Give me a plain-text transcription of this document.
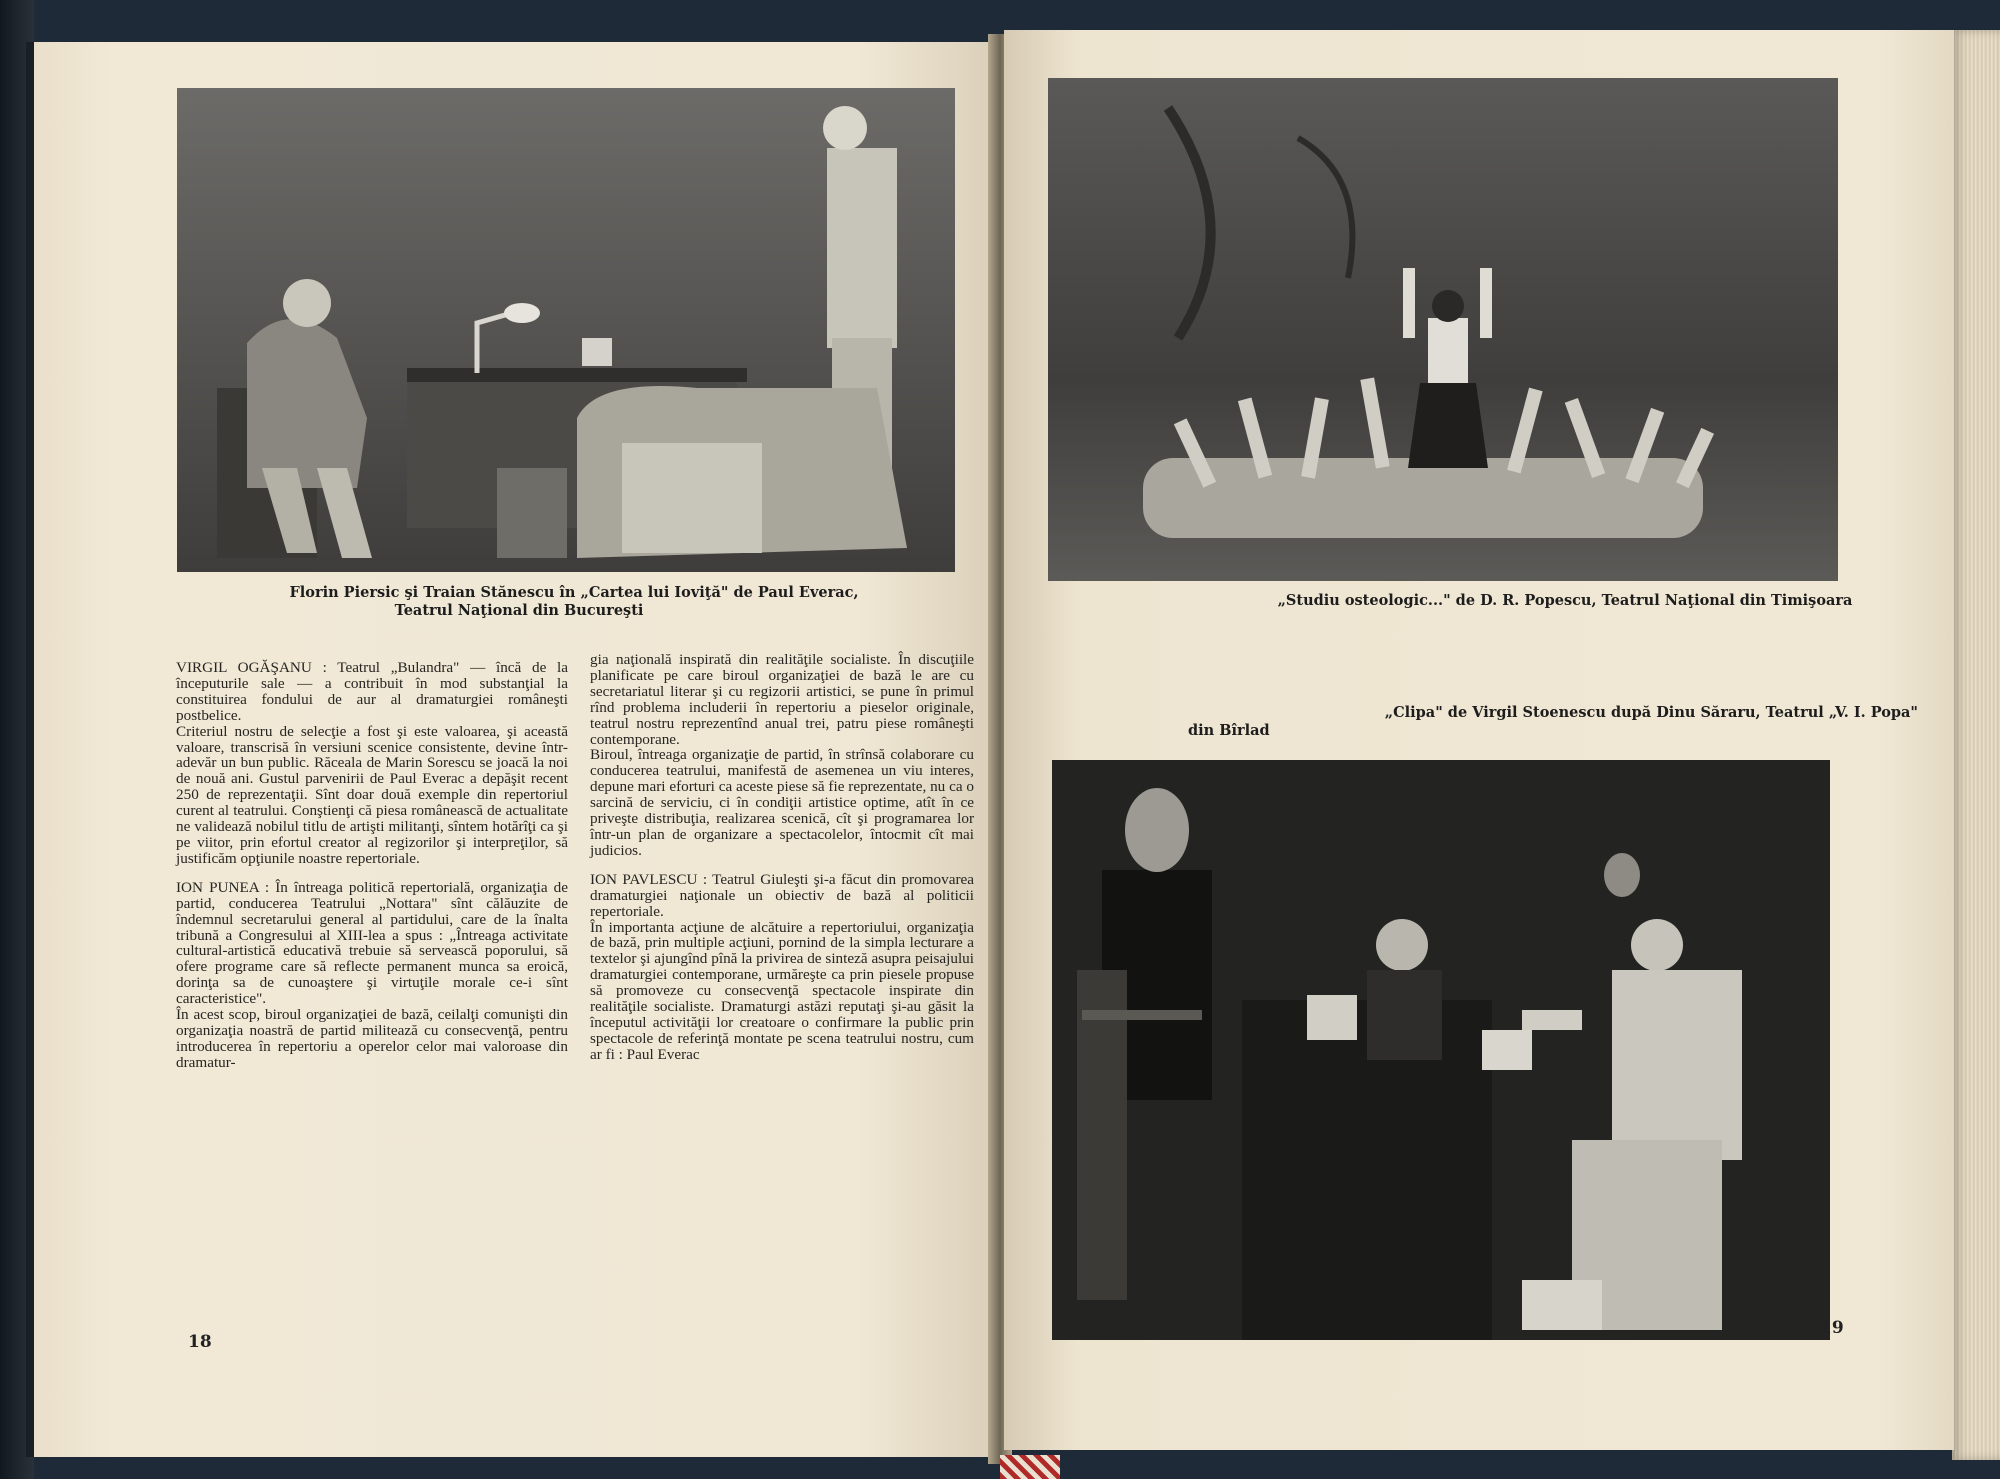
Florin Piersic şi Traian Stănescu în „Cartea lui Ioviţă" de Paul Everac,
Teatrul Naţional din Bucureşti

VIRGIL OGĂŞANU : Teatrul „Bulandra" — încă de la începuturile sale — a contribuit în mod substanţial la constituirea fondului de aur al dramaturgiei româneşti postbelice.

Criteriul nostru de selecţie a fost şi este valoarea, şi această valoare, transcrisă în versiuni scenice consistente, devine într-adevăr un bun public. Răceala de Marin Sorescu se joacă la noi de nouă ani. Gustul parvenirii de Paul Everac a depăşit recent 250 de reprezentaţii. Sînt doar două exemple din repertoriul curent al teatrului. Conştienţi că piesa românească de actualitate ne validează nobilul titlu de artişti militanţi, sîntem hotărîţi ca şi pe viitor, prin efortul creator al regizorilor şi interpreţilor, să justificăm opţiunile noastre repertoriale.

ION PUNEA : În întreaga politică repertorială, organizaţia de partid, conducerea Teatrului „Nottara" sînt călăuzite de îndemnul secretarului general al partidului, care de la înalta tribună a Congresului al XIII-lea a spus : „Întreaga activitate cultural-artistică educativă trebuie să servească poporului, să ofere programe care să reflecte permanent munca sa eroică, dorinţa sa de cunoaştere şi virtuţile morale ce-i sînt caracteristice".

În acest scop, biroul organizaţiei de bază, ceilalţi comunişti din organizaţia noastră de partid militează cu consecvenţă, pentru introducerea în repertoriu a operelor celor mai valoroase din dramatur-

gia naţională inspirată din realităţile socialiste. În discuţiile planificate pe care biroul organizaţiei de bază le are cu secretariatul literar şi cu regizorii artistici, se pune în primul rînd problema includerii în repertoriu a pieselor originale, teatrul nostru reprezentînd anual trei, patru piese româneşti contemporane.

Biroul, întreaga organizaţie de partid, în strînsă colaborare cu conducerea teatrului, manifestă de asemenea un viu interes, depune mari eforturi ca aceste piese să fie reprezentate, nu ca o sarcină de serviciu, ci în condiţii artistice optime, atît în ce priveşte distribuţia, realizarea scenică, cît şi programarea lor într-un plan de organizare a spectacolelor, întocmit cît mai judicios.

ION PAVLESCU : Teatrul Giuleşti şi-a făcut din promovarea dramaturgiei naţionale un obiectiv de bază al politicii repertoriale.

În importanta acţiune de alcătuire a repertoriului, organizaţia de bază, prin multiple acţiuni, pornind de la simpla lecturare a textelor şi ajungînd pînă la privirea de sinteză asupra peisajului dramaturgiei contemporane, urmăreşte ca prin piesele propuse să promoveze cu consecvenţă spectacole inspirate din realităţile socialiste. Dramaturgi astăzi reputaţi şi-au găsit la începutul activităţii lor creatoare o confirmare la public prin spectacole de referinţă montate pe scena teatrului nostru, cum ar fi : Paul Everac

18
„Studiu osteologic..." de D. R. Popescu, Teatrul Naţional din Timişoara
„Clipa" de Virgil Stoenescu după Dinu Săraru, Teatrul „V. I. Popa"
din Bîrlad
19
